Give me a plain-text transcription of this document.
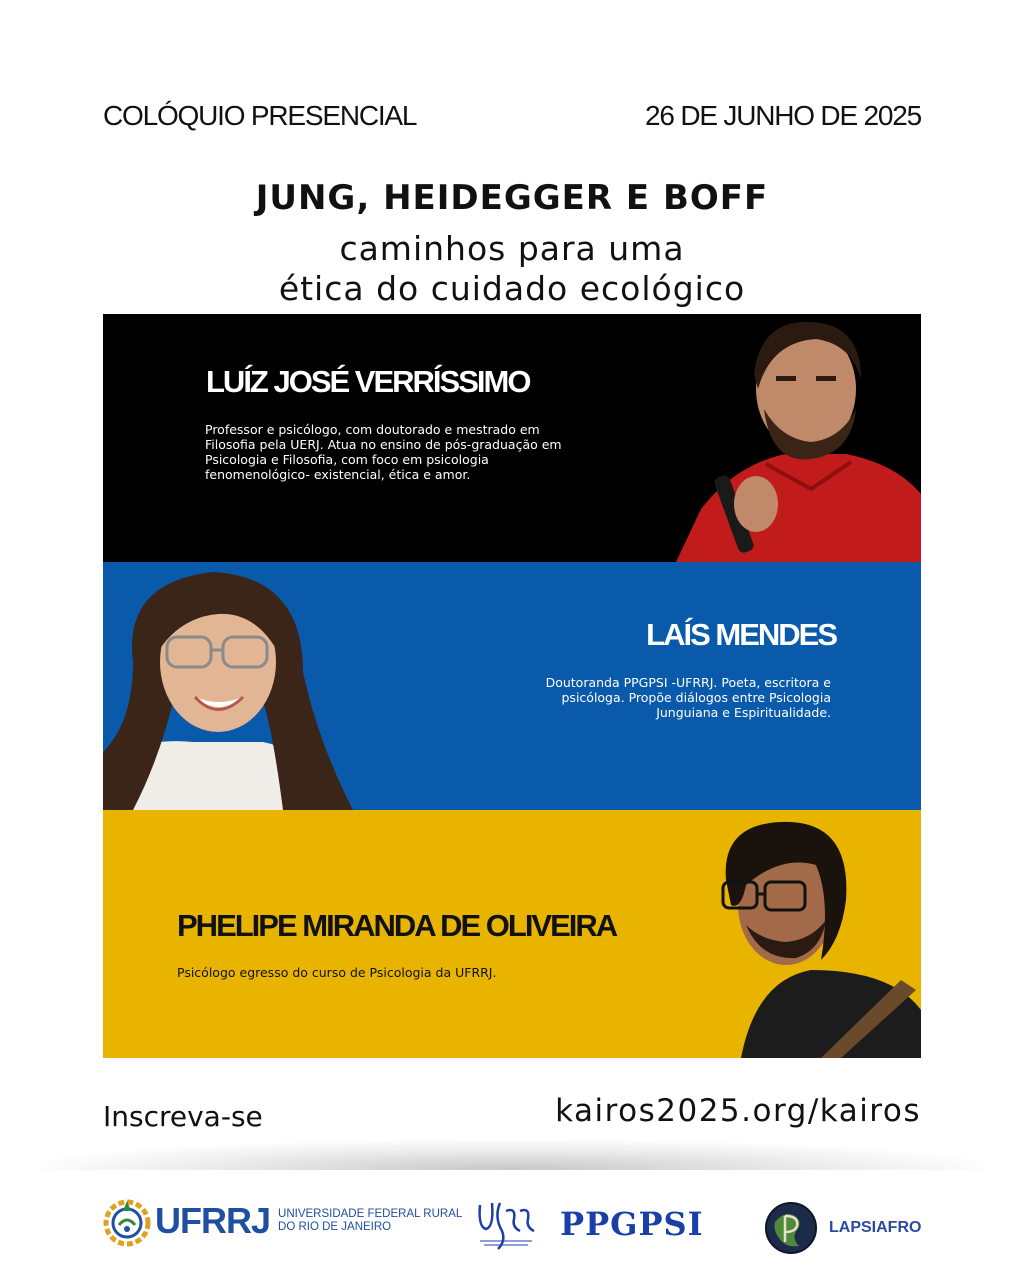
COLÓQUIO PRESENCIAL	26 DE JUNHO DE 2025
JUNG, HEIDEGGER E BOFF
caminhos para uma
ética do cuidado ecológico
LUÍZ JOSÉ VERRÍSSIMO
Professor e psicólogo, com doutorado e mestrado em Filosofia pela UERJ. Atua no ensino de pós-graduação em Psicologia e Filosofia, com foco em psicologia fenomenológico- existencial, ética e amor.
LAÍS MENDES
Doutoranda PPGPSI -UFRRJ. Poeta, escritora e psicóloga. Propõe diálogos entre Psicologia Junguiana e Espiritualidade.
PHELIPE MIRANDA DE OLIVEIRA
Psicólogo egresso do curso de Psicologia da UFRRJ.
Inscreva-se	kairos2025.org/kairos
UFRRJ UNIVERSIDADE FEDERAL RURAL
DO RIO DE JANEIRO	PPGPSI	LAPSIAFRO
